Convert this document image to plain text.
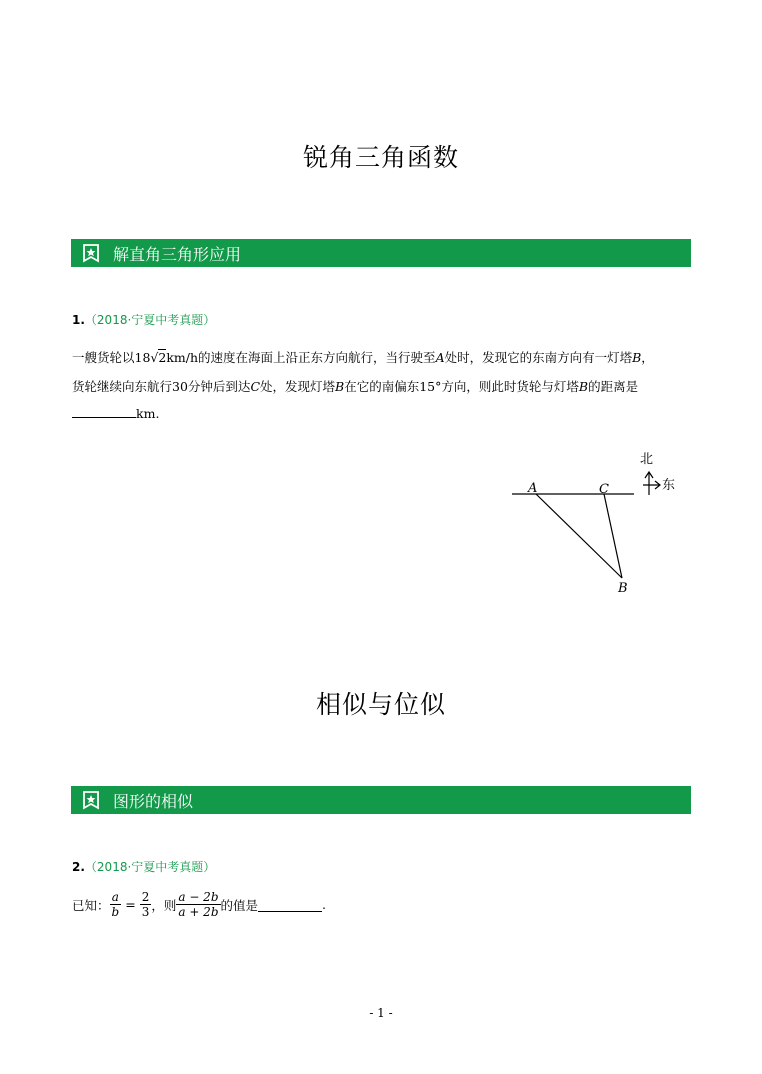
锐角三角函数
解直角三角形应用
1.（2018·宁夏中考真题）
一艘货轮以18√2km/h的速度在海面上沿正东方向航行，当行驶至A处时，发现它的东南方向有一灯塔B，
货轮继续向东航行30分钟后到达C处，发现灯塔B在它的南偏东15°方向，则此时货轮与灯塔B的距离是
km.
A	C
B
北
东
相似与位似
图形的相似
2.（2018·宁夏中考真题）
已知： $\frac{a}{b} = \frac{2}{3}$ ，则 $\frac{a - 2b}{a + 2b}$ 的值是	.
- 1 -
